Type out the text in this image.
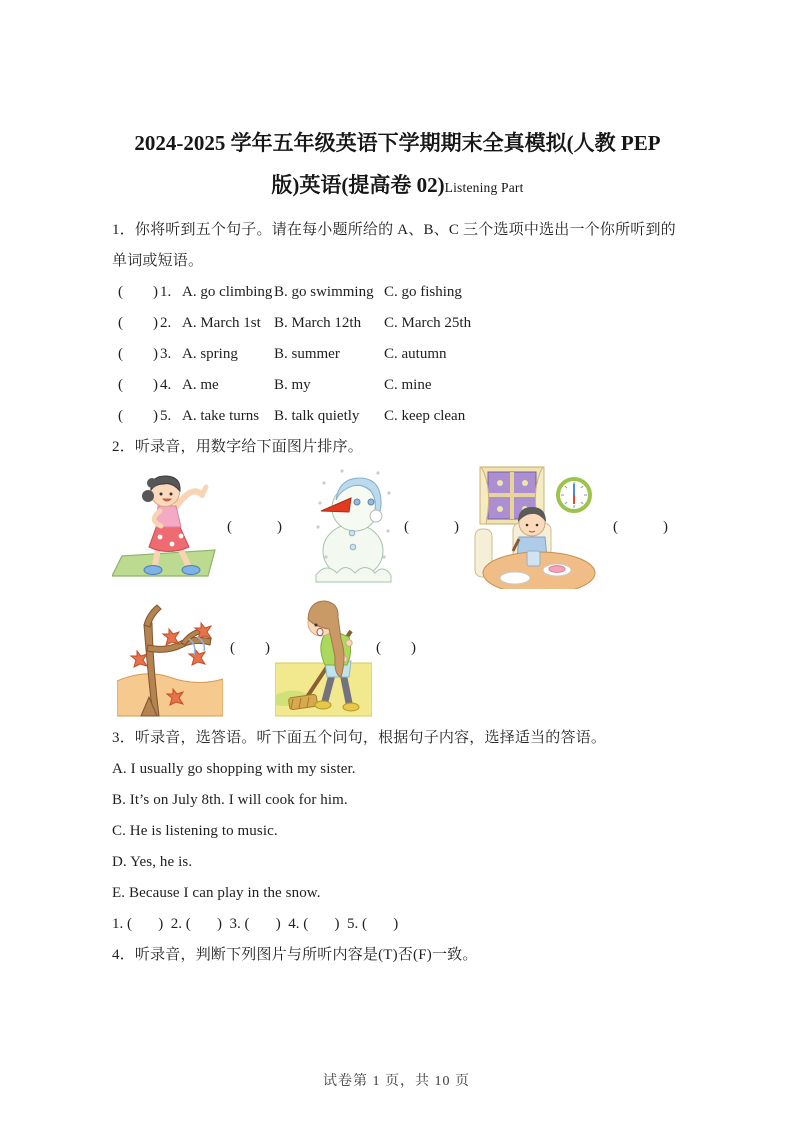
2024-2025 学年五年级英语下学期期末全真模拟(人教 PEP
版)英语(提高卷 02)Listening Part

1．你将听到五个句子。请在每小题所给的 A、B、C 三个选项中选出一个你所听到的单词或短语。

(        ) 1. A. go climbing B. go swimming C. go fishing
(        ) 2. A. March 1st B. March 12th	C. March 25th
(        ) 3. A. spring	B. summer	C. autumn
(        ) 4. A. me	B. my	C. mine
(        ) 5. A. take turns B. talk quietly	C. keep clean

2．听录音，用数字给下面图片排序。

(            )	(            )	(            )
(        )	(        )

3．听录音，选答语。听下面五个问句，根据句子内容，选择适当的答语。

A. I usually go shopping with my sister.

B. It’s on July 8th. I will cook for him.

C. He is listening to music.

D. Yes, he is.

E. Because I can play in the snow.

1. (       )  2. (       )  3. (       )  4. (       )  5. (       )

4．听录音，判断下列图片与所听内容是(T)否(F)一致。

试卷第 1 页，共 10 页
